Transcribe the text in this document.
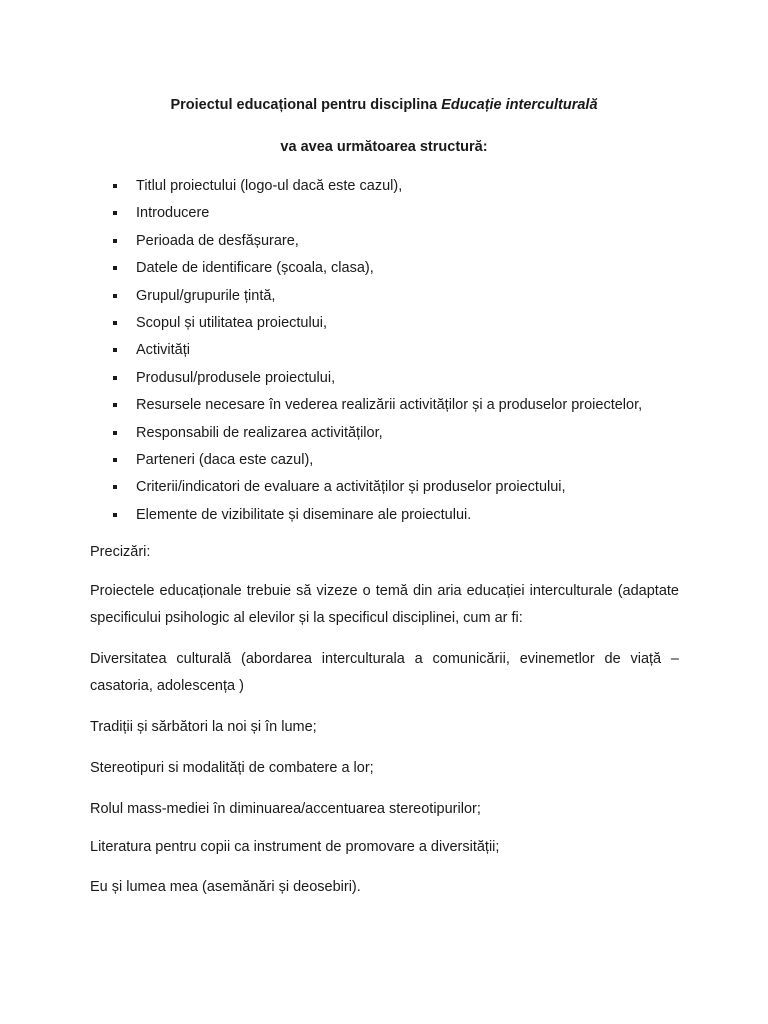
Proiectul educațional pentru disciplina Educație interculturală
va avea următoarea structură:
Titlul proiectului (logo-ul dacă este cazul),
Introducere
Perioada de desfășurare,
Datele de identificare (școala, clasa),
Grupul/grupurile țintă,
Scopul și utilitatea proiectului,
Activități
Produsul/produsele proiectului,
Resursele necesare în vederea realizării activităților și a produselor proiectelor,
Responsabili de realizarea activităților,
Parteneri (daca este cazul),
Criterii/indicatori de evaluare a activităților și produselor proiectului,
Elemente de vizibilitate și diseminare ale proiectului.

Precizări:

Proiectele educaționale trebuie să vizeze o temă din aria educației interculturale (adaptate specificului psihologic al elevilor și la specificul disciplinei, cum ar fi:

Diversitatea culturală (abordarea interculturala a comunicării, evinemetlor de viață – casatoria, adolescența )

Tradiții și sărbători la noi și în lume;

Stereotipuri si modalități de combatere a lor;

Rolul mass-mediei în diminuarea/accentuarea stereotipurilor;

Literatura pentru copii ca instrument de promovare a diversității;

Eu și lumea mea (asemănări și deosebiri).
